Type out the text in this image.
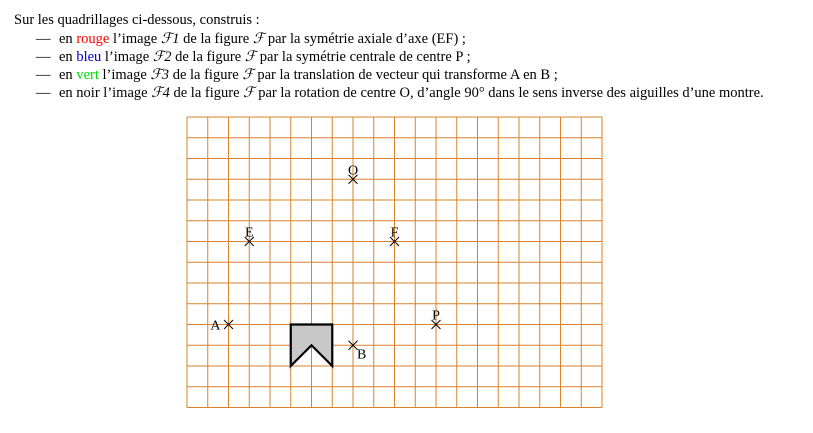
Sur les quadrillages ci-dessous, construis :
— en rouge l’image ℱ1 de la figure ℱ par la symétrie axiale d’axe (EF) ;
— en bleu l’image ℱ2 de la figure ℱ par la symétrie centrale de centre P ;
— en vert l’image ℱ3 de la figure ℱ par la translation de vecteur qui transforme A en B ;
— en noir l’image ℱ4 de la figure ℱ par la rotation de centre O, d’angle 90° dans le sens inverse des aiguilles d’une montre.
O
E	F
A
P
B
